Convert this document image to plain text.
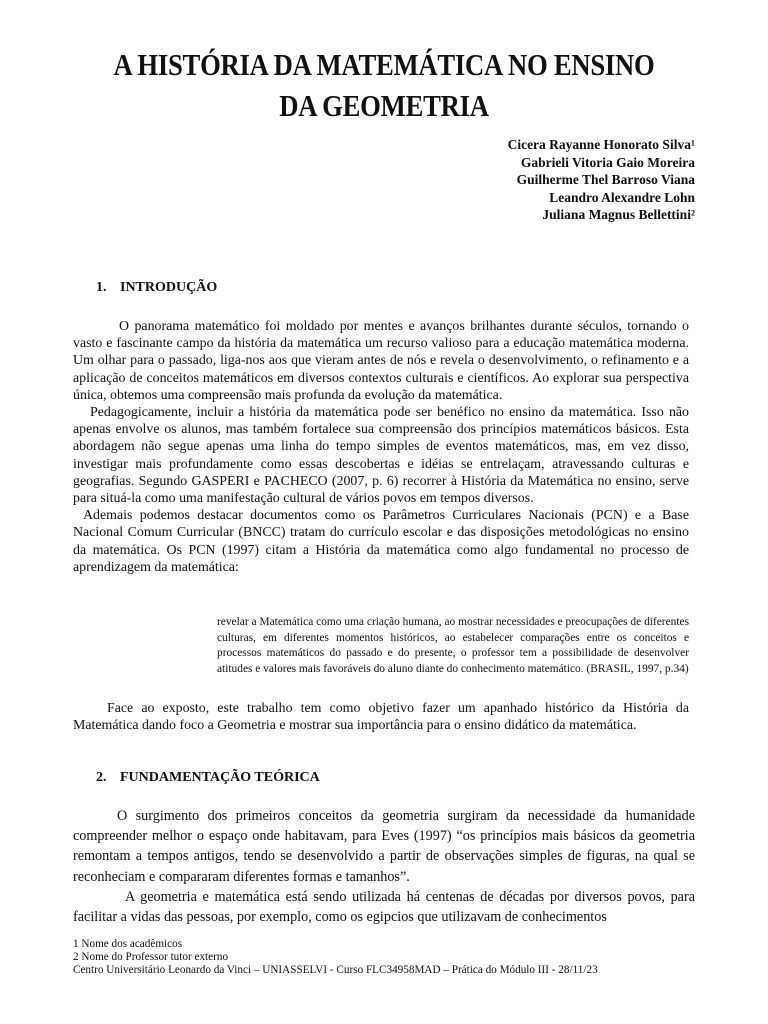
A HISTÓRIA DA MATEMÁTICA NO ENSINO DA GEOMETRIA
Cicera Rayanne Honorato Silva¹
Gabrieli Vitoria Gaio Moreira
Guilherme Thel Barroso Viana
Leandro Alexandre Lohn
Juliana Magnus Bellettini²
1. INTRODUÇÃO

O panorama matemático foi moldado por mentes e avanços brilhantes durante séculos, tornando o vasto e fascinante campo da história da matemática um recurso valioso para a educação matemática moderna. Um olhar para o passado, liga-nos aos que vieram antes de nós e revela o desenvolvimento, o refinamento e a aplicação de conceitos matemáticos em diversos contextos culturais e científicos. Ao explorar sua perspectiva única, obtemos uma compreensão mais profunda da evolução da matemática.

Pedagogicamente, incluir a história da matemática pode ser benéfico no ensino da matemática. Isso não apenas envolve os alunos, mas também fortalece sua compreensão dos princípios matemáticos básicos. Esta abordagem não segue apenas uma linha do tempo simples de eventos matemáticos, mas, em vez disso, investigar mais profundamente como essas descobertas e idéias se entrelaçam, atravessando culturas e geografias. Segundo GASPERI e PACHECO (2007, p. 6) recorrer à História da Matemática no ensino, serve para situá-la como uma manifestação cultural de vários povos em tempos diversos.

Ademais podemos destacar documentos como os Parâmetros Curriculares Nacionais (PCN) e a Base Nacional Comum Curricular (BNCC) tratam do currículo escolar e das disposições metodológicas no ensino da matemática. Os PCN (1997) citam a História da matemática como algo fundamental no processo de aprendizagem da matemática:

revelar a Matemática como uma criação humana, ao mostrar necessidades e preocupações de diferentes culturas, em diferentes momentos históricos, ao estabelecer comparações entre os conceitos e processos matemáticos do passado e do presente, o professor tem a possibilidade de desenvolver atitudes e valores mais favoráveis do aluno diante do conhecimento matemático. (BRASIL, 1997, p.34)

Face ao exposto, este trabalho tem como objetivo fazer um apanhado histórico da História da Matemática dando foco a Geometria e mostrar sua importância para o ensino didático da matemática.

2. FUNDAMENTAÇÃO TEÓRICA

O surgimento dos primeiros conceitos da geometria surgiram da necessidade da humanidade compreender melhor o espaço onde habitavam, para Eves (1997) “os princípios mais básicos da geometria remontam a tempos antigos, tendo se desenvolvido a partir de observações simples de figuras, na qual se reconheciam e compararam diferentes formas e tamanhos”.

A geometria e matemática está sendo utilizada há centenas de décadas por diversos povos, para facilitar a vidas das pessoas, por exemplo, como os egipcios que utilizavam de conhecimentos

1 Nome dos acadêmicos
2 Nome do Professor tutor externo
Centro Universitário Leonardo da Vinci – UNIASSELVI - Curso FLC34958MAD – Prática do Módulo III - 28/11/23
